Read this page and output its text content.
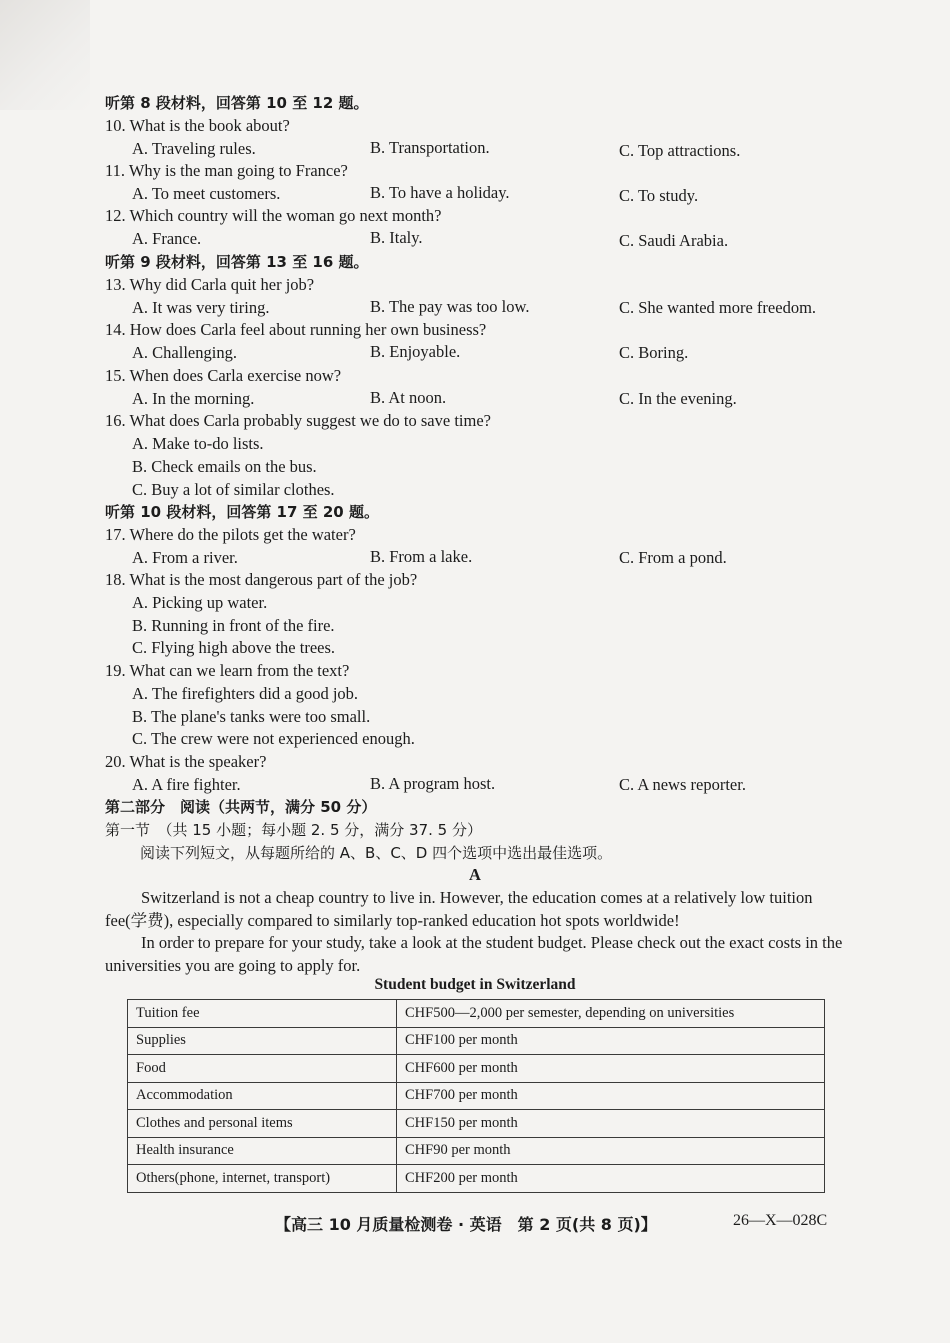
听第 8 段材料，回答第 10 至 12 题。
10. What is the book about?
A. Traveling rules.	B. Transportation.	C. Top attractions.
11. Why is the man going to France?
A. To meet customers.	B. To have a holiday.	C. To study.
12. Which country will the woman go next month?
A. France.	B. Italy.	C. Saudi Arabia.
听第 9 段材料，回答第 13 至 16 题。
13. Why did Carla quit her job?
A. It was very tiring.	B. The pay was too low.	C. She wanted more freedom.
14. How does Carla feel about running her own business?
A. Challenging.	B. Enjoyable.	C. Boring.
15. When does Carla exercise now?
A. In the morning.	B. At noon.	C. In the evening.
16. What does Carla probably suggest we do to save time?
A. Make to-do lists.
B. Check emails on the bus.
C. Buy a lot of similar clothes.
听第 10 段材料，回答第 17 至 20 题。
17. Where do the pilots get the water?
A. From a river.	B. From a lake.	C. From a pond.
18. What is the most dangerous part of the job?
A. Picking up water.
B. Running in front of the fire.
C. Flying high above the trees.
19. What can we learn from the text?
A. The firefighters did a good job.
B. The plane's tanks were too small.
C. The crew were not experienced enough.
20. What is the speaker?
A. A fire fighter.	B. A program host.	C. A news reporter.
第二部分　阅读（共两节，满分 50 分）
第一节　（共 15 小题；每小题 2. 5 分，满分 37. 5 分）
阅读下列短文，从每题所给的 A、B、C、D 四个选项中选出最佳选项。
A
Switzerland is not a cheap country to live in. However, the education comes at a relatively low tuition fee(学费), especially compared to similarly top-ranked education hot spots worldwide!
In order to prepare for your study, take a look at the student budget. Please check out the exact costs in the universities you are going to apply for.
Student budget in Switzerland
Tuition fee	CHF500—2,000 per semester, depending on universities
Supplies	CHF100 per month
Food	CHF600 per month
Accommodation	CHF700 per month
Clothes and personal items	CHF150 per month
Health insurance	CHF90 per month
Others(phone, internet, transport)	CHF200 per month
【高三 10 月质量检测卷 · 英语　第 2 页(共 8 页)】	26—X—028C
